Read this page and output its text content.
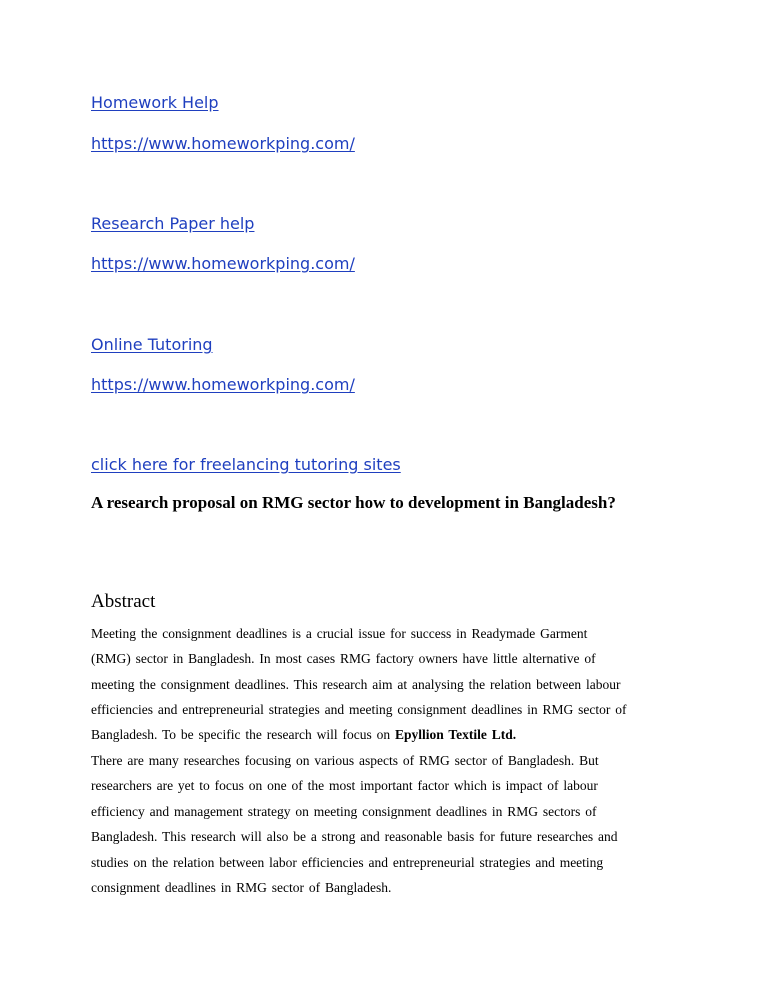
Homework Help
https://www.homeworkping.com/
Research Paper help
https://www.homeworkping.com/
Online Tutoring
https://www.homeworkping.com/
click here for freelancing tutoring sites
A research proposal on RMG sector how to development in Bangladesh?
Abstract
Meeting the consignment deadlines is a crucial issue for success in Readymade Garment
(RMG) sector in Bangladesh. In most cases RMG factory owners have little alternative of
meeting the consignment deadlines. This research aim at analysing the relation between labour
efficiencies and entrepreneurial strategies and meeting consignment deadlines in RMG sector of
Bangladesh. To be specific the research will focus on Epyllion Textile Ltd.
There are many researches focusing on various aspects of RMG sector of Bangladesh. But
researchers are yet to focus on one of the most important factor which is impact of labour
efficiency and management strategy on meeting consignment deadlines in RMG sectors of
Bangladesh. This research will also be a strong and reasonable basis for future researches and
studies on the relation between labor efficiencies and entrepreneurial strategies and meeting
consignment deadlines in RMG sector of Bangladesh.
